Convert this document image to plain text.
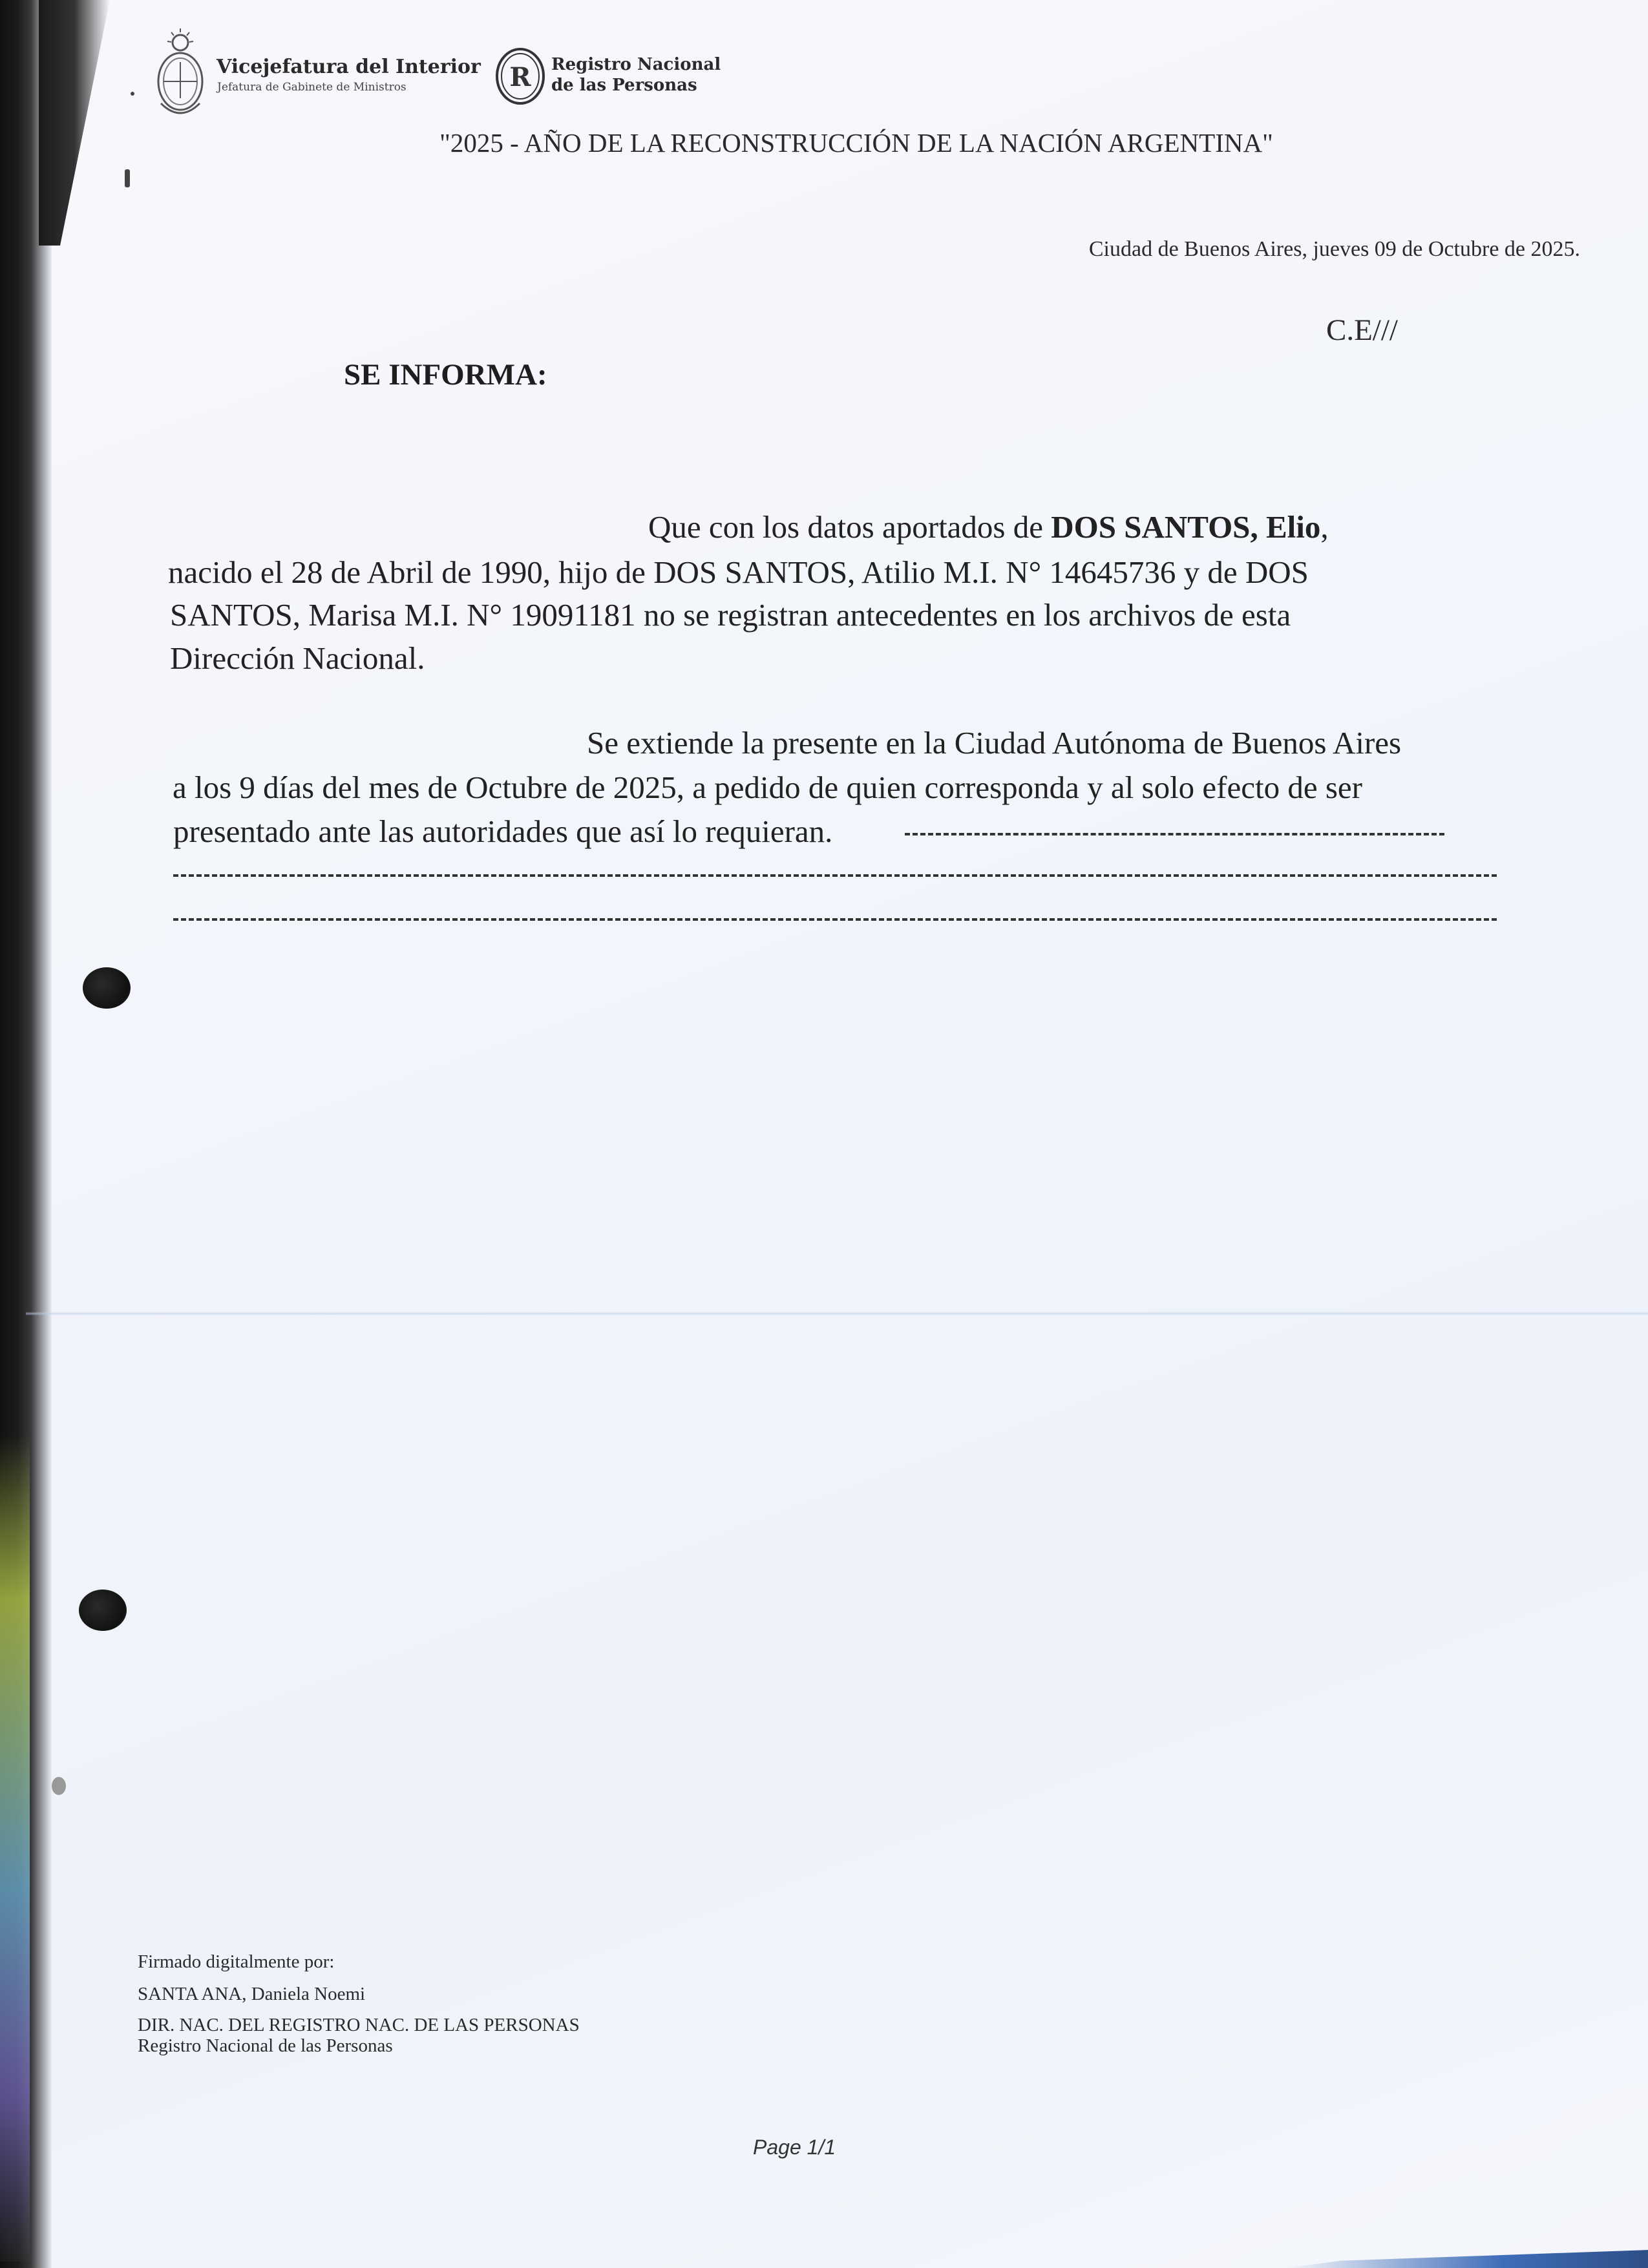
Vicejefatura del Interior
Jefatura de Gabinete de Ministros	R Registro Nacional
de las Personas
"2025 - AÑO DE LA RECONSTRUCCIÓN DE LA NACIÓN ARGENTINA"
Ciudad de Buenos Aires, jueves 09 de Octubre de 2025.
C.E///
SE INFORMA:
Que con los datos aportados de DOS SANTOS, Elio,
nacido el 28 de Abril de 1990, hijo de DOS SANTOS, Atilio M.I. N° 14645736 y de DOS
SANTOS, Marisa M.I. N° 19091181 no se registran antecedentes en los archivos de esta
Dirección Nacional.
Se extiende la presente en la Ciudad Autónoma de Buenos Aires
a los 9 días del mes de Octubre de 2025, a pedido de quien corresponda y al solo efecto de ser
presentado ante las autoridades que así lo requieran.
Firmado digitalmente por:
SANTA ANA, Daniela Noemi
DIR. NAC. DEL REGISTRO NAC. DE LAS PERSONAS
Registro Nacional de las Personas
Page 1/1
